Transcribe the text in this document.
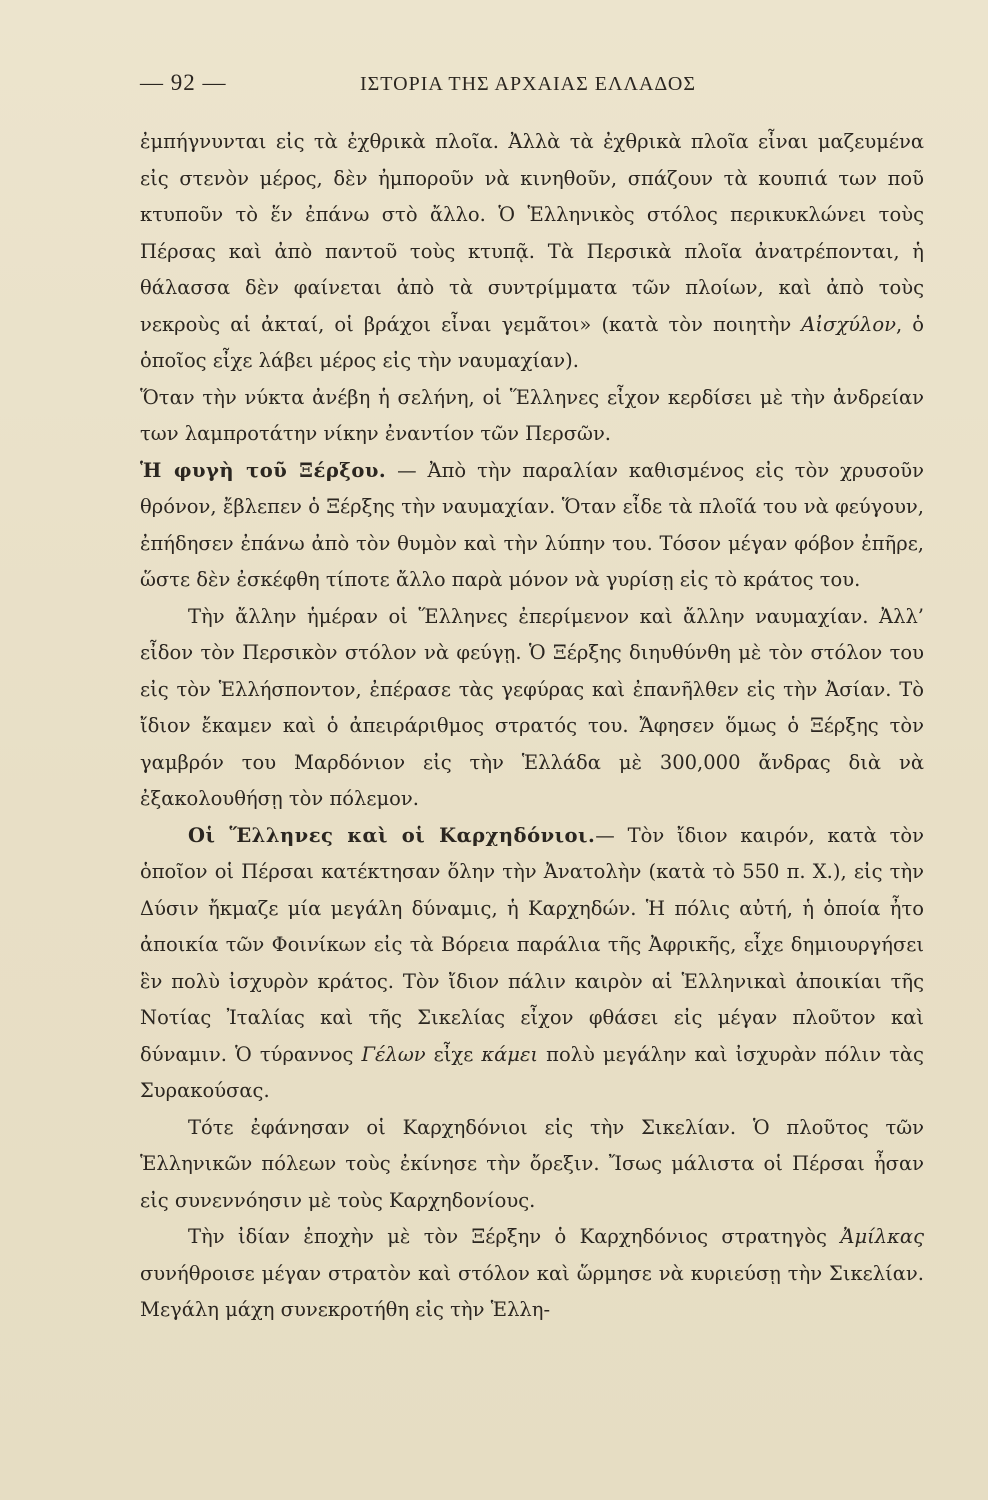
— 92 —	ΙΣΤΟΡΙΑ ΤΗΣ ΑΡΧΑΙΑΣ ΕΛΛΑΔΟΣ

ἐμπήγνυνται εἰς τὰ ἐχθρικὰ πλοῖα. Ἀλλὰ τὰ ἐχθρικὰ πλοῖα εἶναι μαζευμένα εἰς στενὸν μέρος, δὲν ἠμποροῦν νὰ κινηθοῦν, σπάζουν τὰ κουπιά των ποῦ κτυποῦν τὸ ἕν ἐπάνω στὸ ἄλλο. Ὁ Ἑλληνικὸς στόλος περικυκλώνει τοὺς Πέρσας καὶ ἀπὸ παντοῦ τοὺς κτυπᾷ. Τὰ Περσικὰ πλοῖα ἀνατρέπονται, ἡ θάλασσα δὲν φαίνεται ἀπὸ τὰ συντρίμματα τῶν πλοίων, καὶ ἀπὸ τοὺς νεκροὺς αἱ ἀκταί, οἱ βράχοι εἶναι γεμᾶτοι» (κατὰ τὸν ποιητὴν Αἰσχύλον, ὁ ὁποῖος εἶχε λάβει μέρος εἰς τὴν ναυμαχίαν).

Ὅταν τὴν νύκτα ἀνέβη ἡ σελήνη, οἱ Ἕλληνες εἶχον κερδίσει μὲ τὴν ἀνδρείαν των λαμπροτάτην νίκην ἐναντίον τῶν Περσῶν.

Ἡ φυγὴ τοῦ Ξέρξου. — Ἀπὸ τὴν παραλίαν καθισμένος εἰς τὸν χρυσοῦν θρόνον, ἔβλεπεν ὁ Ξέρξης τὴν ναυμαχίαν. Ὅταν εἶδε τὰ πλοῖά του νὰ φεύγουν, ἐπήδησεν ἐπάνω ἀπὸ τὸν θυμὸν καὶ τὴν λύπην του. Τόσον μέγαν φόβον ἐπῆρε, ὥστε δὲν ἐσκέφθη τίποτε ἄλλο παρὰ μόνον νὰ γυρίσῃ εἰς τὸ κράτος του.

Τὴν ἄλλην ἡμέραν οἱ Ἕλληνες ἐπερίμενον καὶ ἄλλην ναυμαχίαν. Ἀλλ’ εἶδον τὸν Περσικὸν στόλον νὰ φεύγῃ. Ὁ Ξέρξης διηυθύνθη μὲ τὸν στόλον του εἰς τὸν Ἑλλήσποντον, ἐπέρασε τὰς γεφύρας καὶ ἐπανῆλθεν εἰς τὴν Ἀσίαν. Τὸ ἴδιον ἔκαμεν καὶ ὁ ἀπειράριθμος στρατός του. Ἄφησεν ὅμως ὁ Ξέρξης τὸν γαμβρόν του Μαρδόνιον εἰς τὴν Ἑλλάδα μὲ 300,000 ἄνδρας διὰ νὰ ἐξακολουθήσῃ τὸν πόλεμον.

Οἱ Ἕλληνες καὶ οἱ Καρχηδόνιοι.— Τὸν ἴδιον καιρόν, κατὰ τὸν ὁποῖον οἱ Πέρσαι κατέκτησαν ὅλην τὴν Ἀνατολὴν (κατὰ τὸ 550 π. Χ.), εἰς τὴν Δύσιν ἤκμαζε μία μεγάλη δύναμις, ἡ Καρχηδών. Ἡ πόλις αὐτή, ἡ ὁποία ἦτο ἀποικία τῶν Φοινίκων εἰς τὰ Βόρεια παράλια τῆς Ἀφρικῆς, εἶχε δημιουργήσει ἓν πολὺ ἰσχυρὸν κράτος. Τὸν ἴδιον πάλιν καιρὸν αἱ Ἑλληνικαὶ ἀποικίαι τῆς Νοτίας Ἰταλίας καὶ τῆς Σικελίας εἶχον φθάσει εἰς μέγαν πλοῦτον καὶ δύναμιν. Ὁ τύραννος Γέλων εἶχε κάμει πολὺ μεγάλην καὶ ἰσχυρὰν πόλιν τὰς Συρακούσας.

Τότε ἐφάνησαν οἱ Καρχηδόνιοι εἰς τὴν Σικελίαν. Ὁ πλοῦτος τῶν Ἑλληνικῶν πόλεων τοὺς ἐκίνησε τὴν ὄρεξιν. Ἴσως μάλιστα οἱ Πέρσαι ἦσαν εἰς συνεννόησιν μὲ τοὺς Καρχηδονίους.

Τὴν ἰδίαν ἐποχὴν μὲ τὸν Ξέρξην ὁ Καρχηδόνιος στρατηγὸς Ἀμίλκας συνήθροισε μέγαν στρατὸν καὶ στόλον καὶ ὥρμησε νὰ κυριεύσῃ τὴν Σικελίαν. Μεγάλη μάχη συνεκροτήθη εἰς τὴν Ἑλλη-
